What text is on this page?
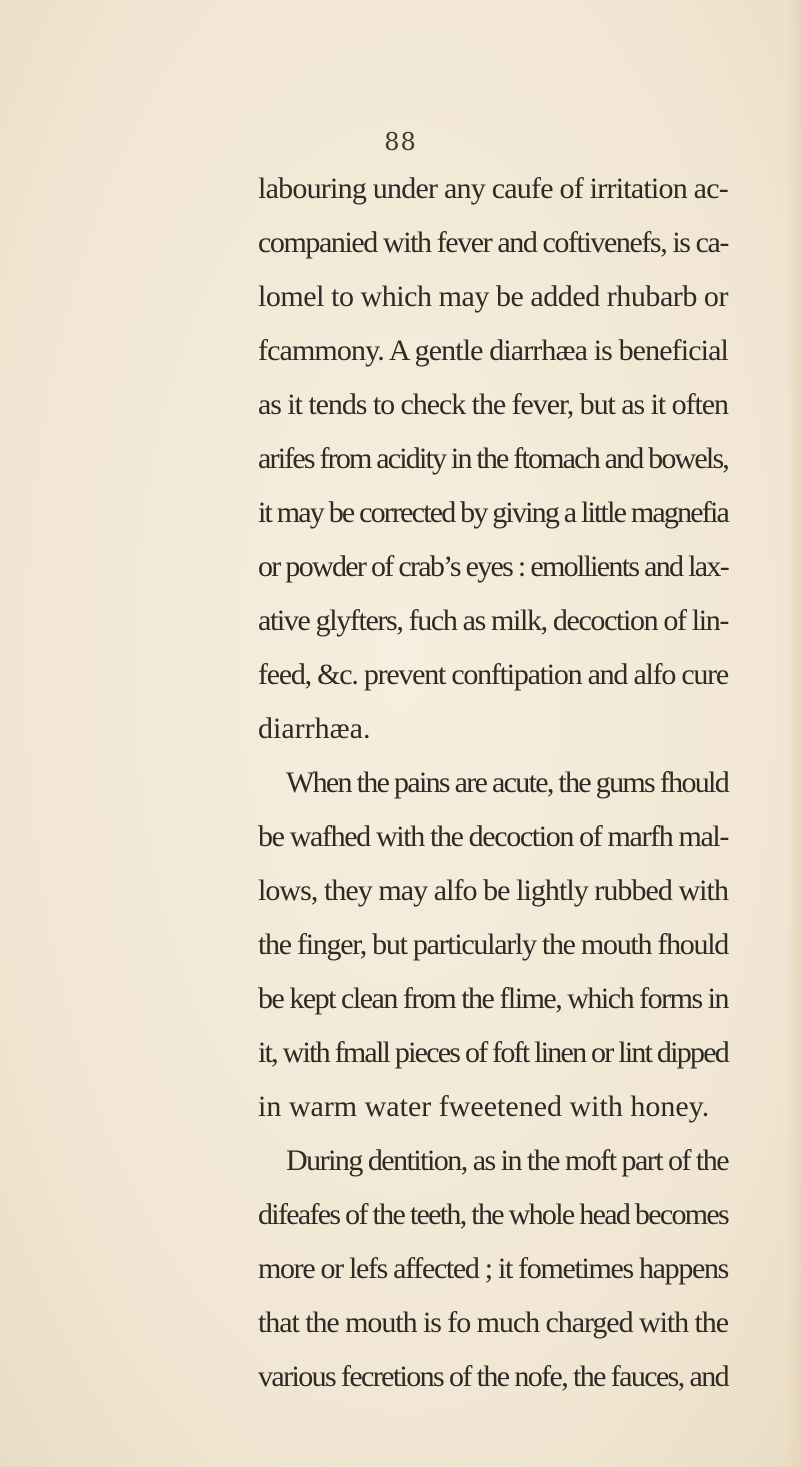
88
labouring under any caufe of irritation ac-
companied with fever and coftivenefs, is ca-
lomel to which may be added rhubarb or
fcammony. A gentle diarrhæa is beneficial
as it tends to check the fever, but as it often
arifes from acidity in the ftomach and bowels,
it may be corrected by giving a little magnefia
or powder of crab’s eyes : emollients and lax-
ative glyfters, fuch as milk, decoction of lin-
feed, &c. prevent conftipation and alfo cure
diarrhæa.
When the pains are acute, the gums fhould
be wafhed with the decoction of marfh mal-
lows, they may alfo be lightly rubbed with
the finger, but particularly the mouth fhould
be kept clean from the flime, which forms in
it, with fmall pieces of foft linen or lint dipped
in warm water fweetened with honey.
During dentition, as in the moft part of the
difeafes of the teeth, the whole head becomes
more or lefs affected ; it fometimes happens
that the mouth is fo much charged with the
various fecretions of the nofe, the fauces, and
